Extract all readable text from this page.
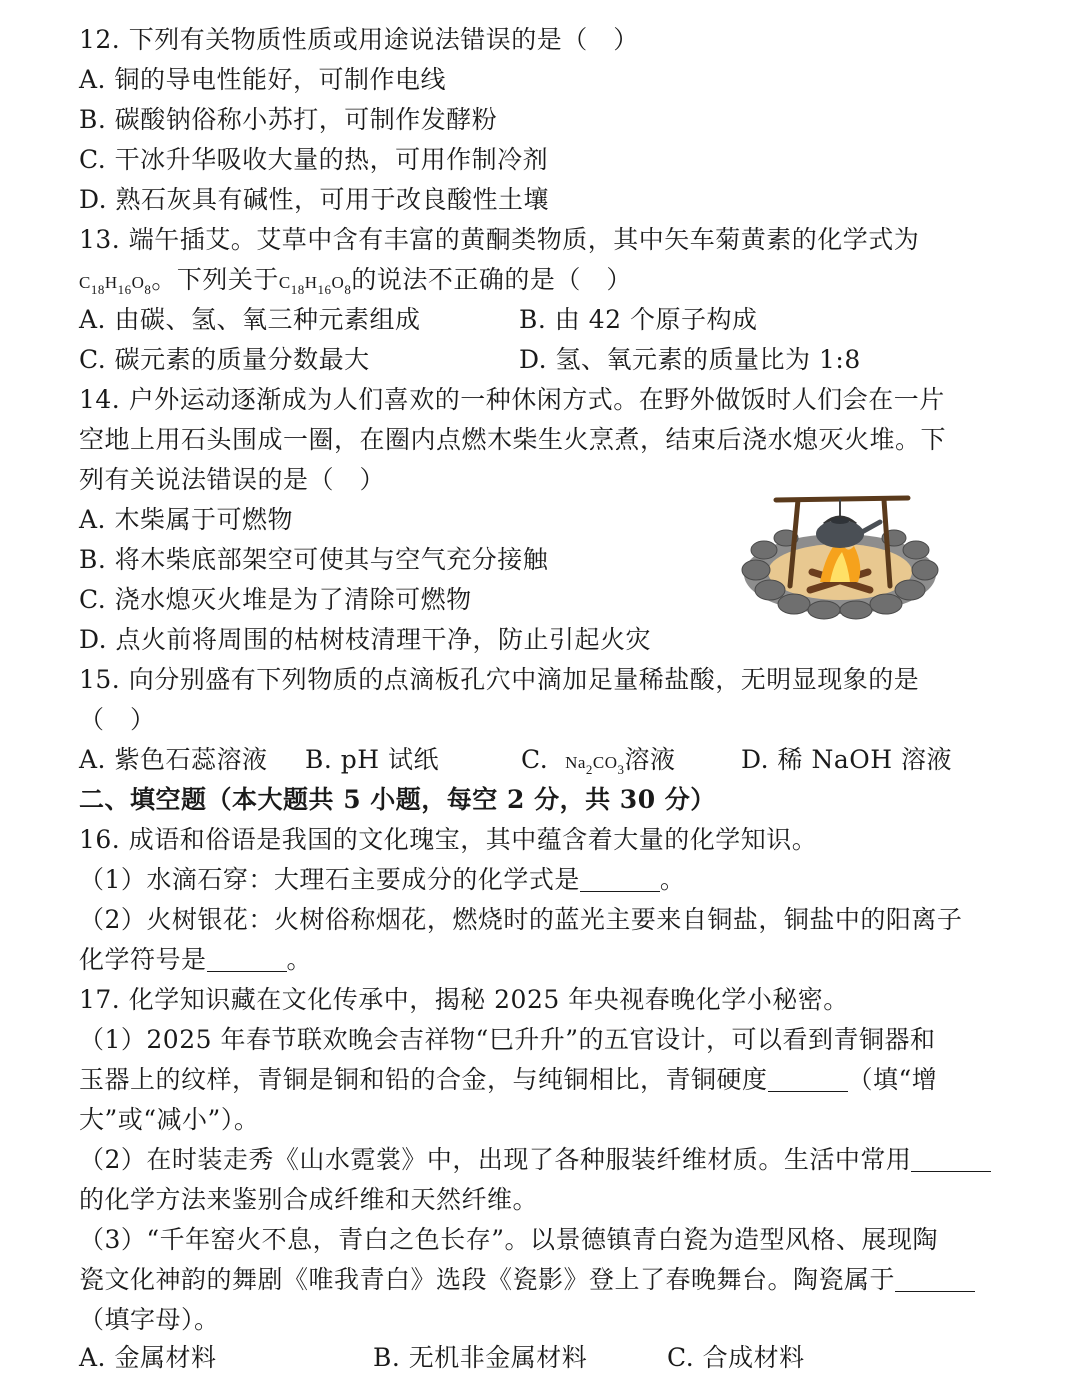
12. 下列有关物质性质或用途说法错误的是（　）
A. 铜的导电性能好，可制作电线
B. 碳酸钠俗称小苏打，可制作发酵粉
C. 干冰升华吸收大量的热，可用作制冷剂
D. 熟石灰具有碱性，可用于改良酸性土壤
13. 端午插艾。艾草中含有丰富的黄酮类物质，其中矢车菊黄素的化学式为
$C_{18}H_{16}O_8$。下列关于$C_{18}H_{16}O_8$的说法不正确的是（　）
A. 由碳、氢、氧三种元素组成	B. 由 42 个原子构成
C. 碳元素的质量分数最大	D. 氢、氧元素的质量比为 1:8
14. 户外运动逐渐成为人们喜欢的一种休闲方式。在野外做饭时人们会在一片
空地上用石头围成一圈，在圈内点燃木柴生火烹煮，结束后浇水熄灭火堆。下
列有关说法错误的是（　）
A. 木柴属于可燃物
B. 将木柴底部架空可使其与空气充分接触
C. 浇水熄灭火堆是为了清除可燃物
D. 点火前将周围的枯树枝清理干净，防止引起火灾
15. 向分别盛有下列物质的点滴板孔穴中滴加足量稀盐酸，无明显现象的是
（　）
A. 紫色石蕊溶液 B. pH 试纸	C. $Na_2CO_3$溶液	D. 稀 NaOH 溶液
二、填空题（本大题共 5 小题，每空 2 分，共 30 分）
16. 成语和俗语是我国的文化瑰宝，其中蕴含着大量的化学知识。
（1）水滴石穿：大理石主要成分的化学式是	。
（2）火树银花：火树俗称烟花，燃烧时的蓝光主要来自铜盐，铜盐中的阳离子
化学符号是	。
17. 化学知识藏在文化传承中，揭秘 2025 年央视春晚化学小秘密。
（1）2025 年春节联欢晚会吉祥物“巳升升”的五官设计，可以看到青铜器和
玉器上的纹样，青铜是铜和铅的合金，与纯铜相比，青铜硬度	（填“增
大”或“减小”）。
（2）在时装走秀《山水霓裳》中，出现了各种服装纤维材质。生活中常用
的化学方法来鉴别合成纤维和天然纤维。
（3）“千年窑火不息，青白之色长存”。以景德镇青白瓷为造型风格、展现陶
瓷文化神韵的舞剧《唯我青白》选段《瓷影》登上了春晚舞台。陶瓷属于
（填字母）。
A. 金属材料	B. 无机非金属材料	C. 合成材料
